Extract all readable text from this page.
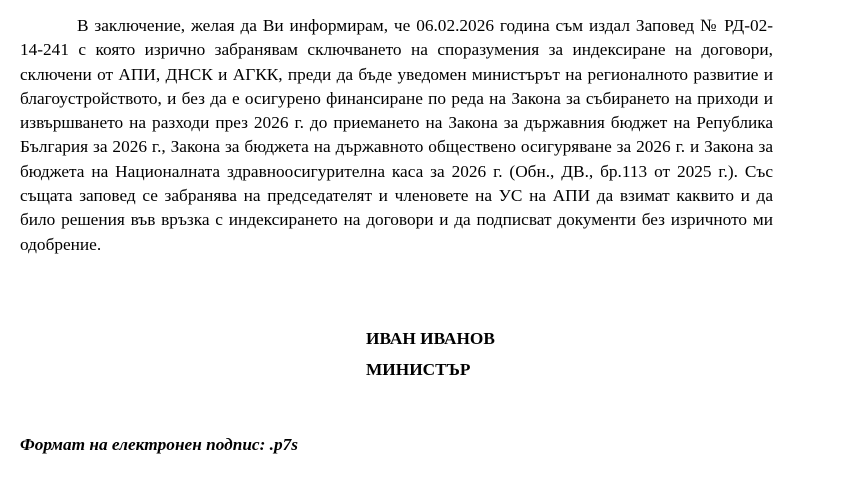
В заключение, желая да Ви информирам, че 06.02.2026 година съм издал Заповед № РД-02-14-241 с която изрично забранявам сключването на споразумения за индексиране на договори, сключени от АПИ, ДНСК и АГКК, преди да бъде уведомен министърът на регионалното развитие и благоустройството, и без да е осигурено финансиране по реда на Закона за събирането на приходи и извършването на разходи през 2026 г. до приемането на Закона за държавния бюджет на Република България за 2026 г., Закона за бюджета на държавното обществено осигуряване за 2026 г. и Закона за бюджета на Националната здравноосигурителна каса за 2026 г. (Обн., ДВ., бр.113 от 2025 г.). Със същата заповед се забранява на председателят и членовете на УС на АПИ да взимат каквито и да било решения във връзка с индексирането на договори и да подписват документи без изричното ми одобрение.

ИВАН ИВАНОВ

МИНИСТЪР

Формат на електронен подпис: .p7s
